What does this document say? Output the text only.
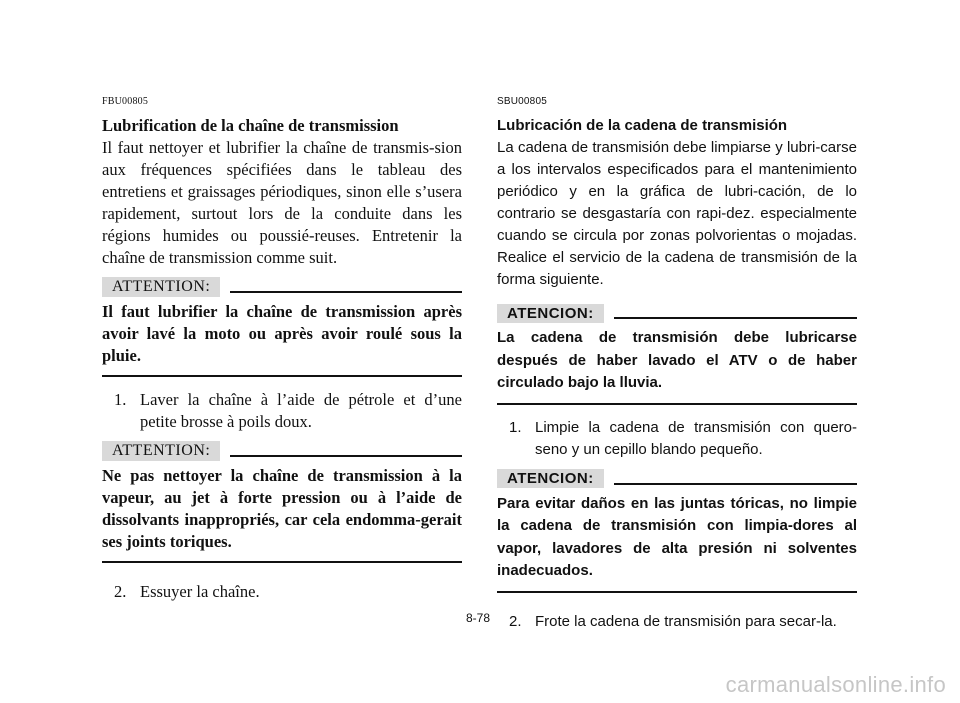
FBU00805
Lubrification de la chaîne de transmission
Il faut nettoyer et lubrifier la chaîne de transmis-sion aux fréquences spécifiées dans le tableau des entretiens et graissages périodiques, sinon elle s’usera rapidement, surtout lors de la conduite dans les régions humides ou poussié-reuses. Entretenir la chaîne de transmission comme suit.
ATTENTION:
Il faut lubrifier la chaîne de transmission après avoir lavé la moto ou après avoir roulé sous la pluie.
1. Laver la chaîne à l’aide de pétrole et d’une petite brosse à poils doux.
ATTENTION:
Ne pas nettoyer la chaîne de transmission à la vapeur, au jet à forte pression ou à l’aide de dissolvants inappropriés, car cela endomma-gerait ses joints toriques.
2. Essuyer la chaîne.
SBU00805
Lubricación de la cadena de transmisión
La cadena de transmisión debe limpiarse y lubri-carse a los intervalos especificados para el mantenimiento periódico y en la gráfica de lubri-cación, de lo contrario se desgastaría con rapi-dez. especialmente cuando se circula por zonas polvorientas o mojadas. Realice el servicio de la cadena de transmisión de la forma siguiente.
ATENCION:
La cadena de transmisión debe lubricarse después de haber lavado el ATV o de haber circulado bajo la lluvia.
1. Limpie la cadena de transmisión con quero-seno y un cepillo blando pequeño.
ATENCION:
Para evitar daños en las juntas tóricas, no limpie la cadena de transmisión con limpia-dores al vapor, lavadores de alta presión ni solventes inadecuados.
2. Frote la cadena de transmisión para secar-la.
8-78
carmanualsonline.info
